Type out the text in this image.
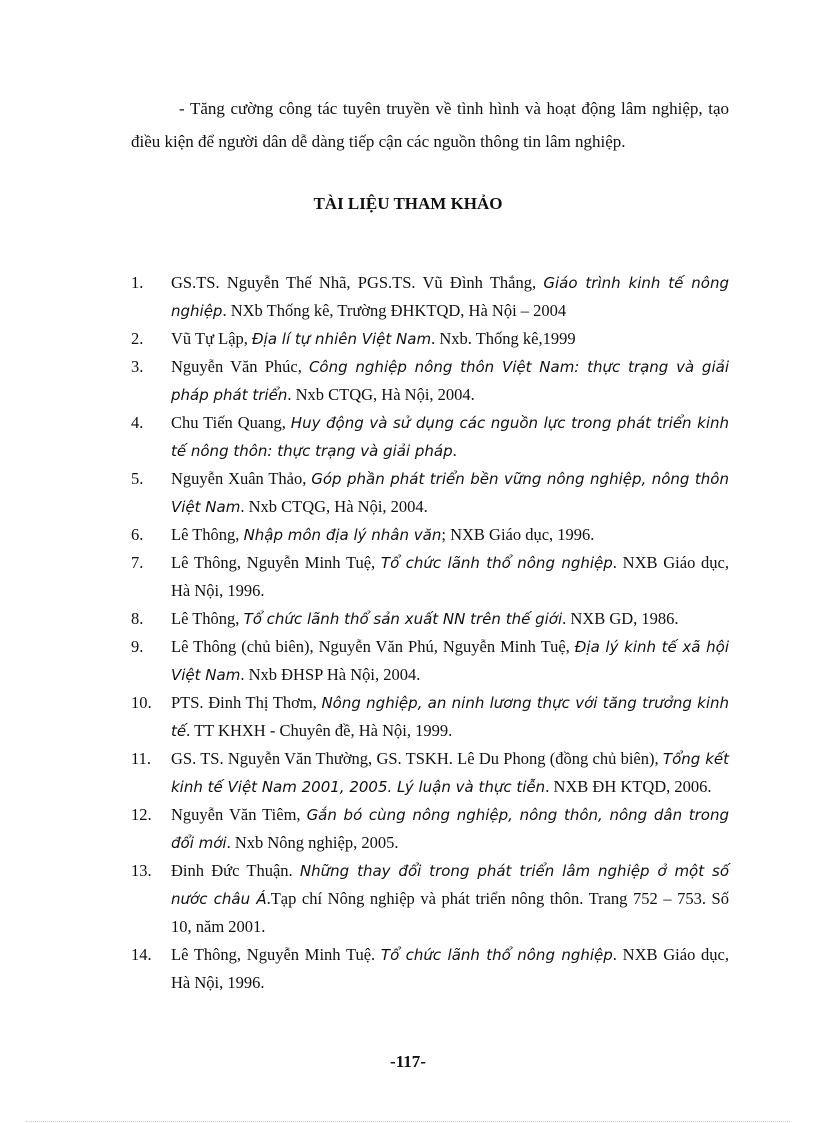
- Tăng cường công tác tuyên truyền về tình hình và hoạt động lâm nghiệp, tạo điều kiện để người dân dễ dàng tiếp cận các nguồn thông tin lâm nghiệp.
TÀI LIỆU THAM KHẢO
1.	GS.TS. Nguyễn Thế Nhã, PGS.TS. Vũ Đình Thắng, Giáo trình kinh tế nông nghiệp. NXb Thống kê, Trường ĐHKTQD, Hà Nội – 2004
2.	Vũ Tự Lập, Địa lí tự nhiên Việt Nam. Nxb. Thống kê,1999
3.	Nguyễn Văn Phúc, Công nghiệp nông thôn Việt Nam: thực trạng và giải pháp phát triển. Nxb CTQG, Hà Nội, 2004.
4.	Chu Tiến Quang, Huy động và sử dụng các nguồn lực trong phát triển kinh tế nông thôn: thực trạng và giải pháp.
5.	Nguyễn Xuân Thảo, Góp phần phát triển bền vững nông nghiệp, nông thôn Việt Nam. Nxb CTQG, Hà Nội, 2004.
6.	Lê Thông, Nhập môn địa lý nhân văn; NXB Giáo dục, 1996.
7.	Lê Thông, Nguyễn Minh Tuệ, Tổ chức lãnh thổ nông nghiệp. NXB Giáo dục, Hà Nội, 1996.
8.	Lê Thông, Tổ chức lãnh thổ sản xuất NN trên thế giới. NXB GD, 1986.
9.	Lê Thông (chủ biên), Nguyễn Văn Phú, Nguyễn Minh Tuệ, Địa lý kinh tế xã hội Việt Nam. Nxb ĐHSP Hà Nội, 2004.
10.	PTS. Đinh Thị Thơm, Nông nghiệp, an ninh lương thực với tăng trưởng kinh tế. TT KHXH - Chuyên đề, Hà Nội, 1999.
11.	GS. TS. Nguyễn Văn Thường, GS. TSKH. Lê Du Phong (đồng chủ biên), Tổng kết kinh tế Việt Nam 2001, 2005. Lý luận và thực tiễn. NXB ĐH KTQD, 2006.
12.	Nguyễn Văn Tiêm, Gắn bó cùng nông nghiệp, nông thôn, nông dân trong đổi mới. Nxb Nông nghiệp, 2005.
13.	Đinh Đức Thuận. Những thay đổi trong phát triển lâm nghiệp ở một số nước châu Á.Tạp chí Nông nghiệp và phát triển nông thôn. Trang 752 – 753. Số 10, năm 2001.
14.	Lê Thông, Nguyễn Minh Tuệ. Tổ chức lãnh thổ nông nghiệp. NXB Giáo dục, Hà Nội, 1996.
-117-
